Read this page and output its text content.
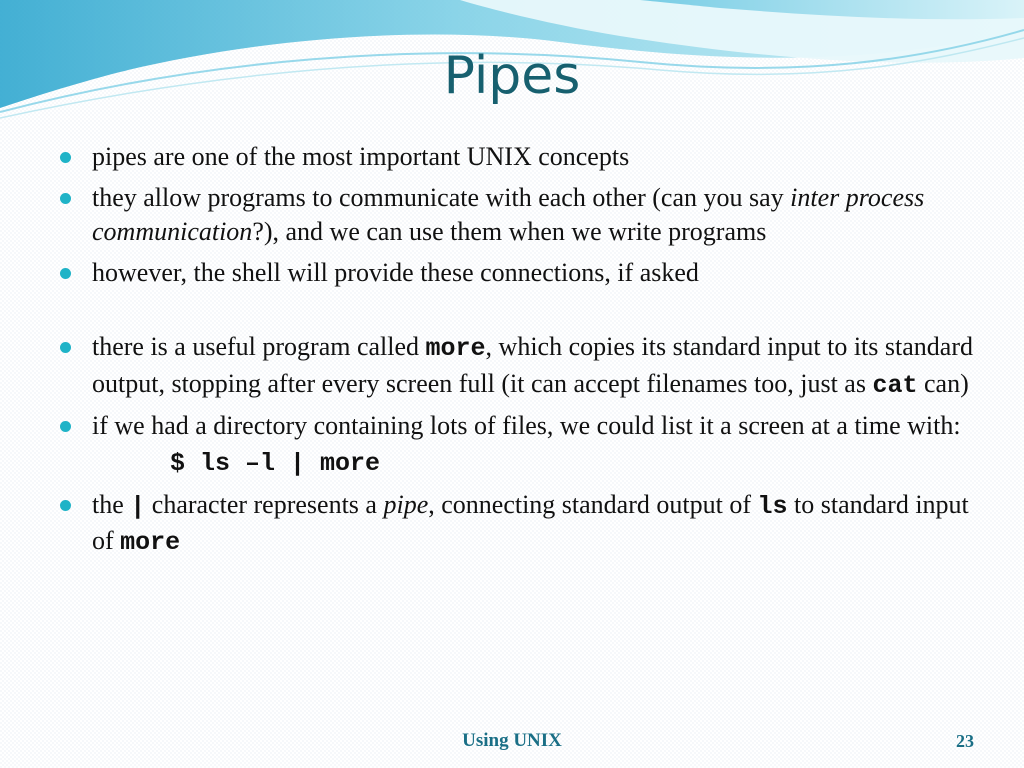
Pipes
pipes are one of the most important UNIX concepts
they allow programs to communicate with each other (can you say inter process communication?), and we can use them when we write programs
however, the shell will provide these connections, if asked
there is a useful program called more, which copies its standard input to its standard output, stopping after every screen full (it can accept filenames too, just as cat can)
if we had a directory containing lots of files, we could list it a screen at a time with:
$ ls –l | more
the | character represents a pipe, connecting standard output of ls to standard input of more
Using UNIX	23
